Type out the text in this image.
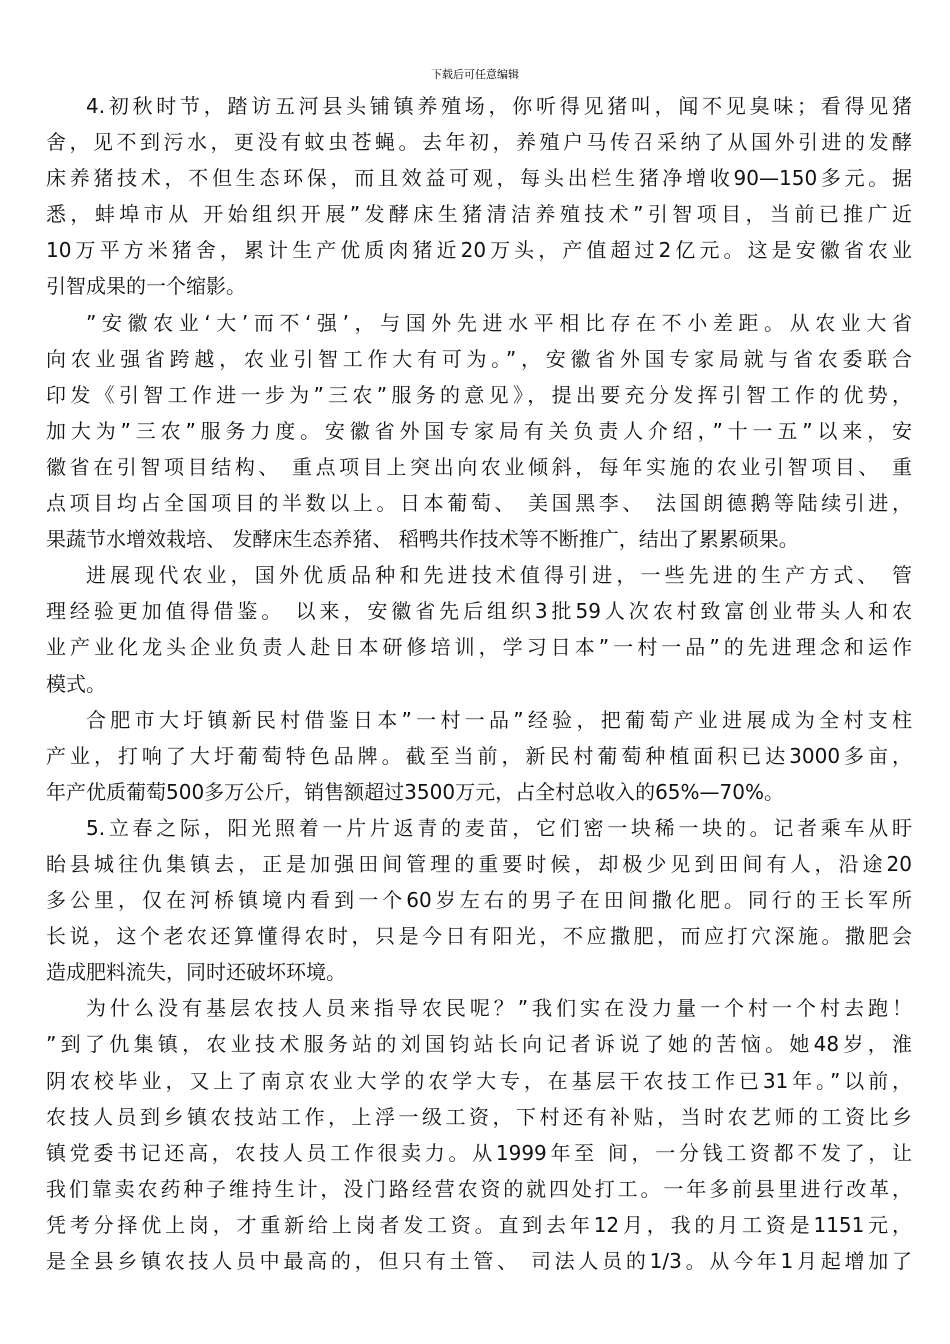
下载后可任意编辑
4.初秋时节，踏访五河县头铺镇养殖场，你听得见猪叫，闻不见臭味；看得见猪
舍，见不到污水，更没有蚊虫苍蝇。去年初，养殖户马传召采纳了从国外引进的发酵
床养猪技术，不但生态环保，而且效益可观，每头出栏生猪净增收90—150多元。据
悉，蚌埠市从 开始组织开展”发酵床生猪清洁养殖技术”引智项目，当前已推广近
10万平方米猪舍，累计生产优质肉猪近20万头，产值超过2亿元。这是安徽省农业
引智成果的一个缩影。
”安徽农业‘大’而不‘强’，与国外先进水平相比存在不小差距。从农业大省
向农业强省跨越，农业引智工作大有可为。”，安徽省外国专家局就与省农委联合
印发《引智工作进一步为”三农”服务的意见》，提出要充分发挥引智工作的优势，
加大为”三农”服务力度。安徽省外国专家局有关负责人介绍，”十一五”以来，安
徽省在引智项目结构、 重点项目上突出向农业倾斜，每年实施的农业引智项目、 重
点项目均占全国项目的半数以上。日本葡萄、 美国黑李、 法国朗德鹅等陆续引进，
果蔬节水增效栽培、 发酵床生态养猪、 稻鸭共作技术等不断推广，结出了累累硕果。
进展现代农业，国外优质品种和先进技术值得引进，一些先进的生产方式、 管
理经验更加值得借鉴。 以来，安徽省先后组织3批59人次农村致富创业带头人和农
业产业化龙头企业负责人赴日本研修培训，学习日本”一村一品”的先进理念和运作
模式。
合肥市大圩镇新民村借鉴日本”一村一品”经验，把葡萄产业进展成为全村支柱
产业，打响了大圩葡萄特色品牌。截至当前，新民村葡萄种植面积已达3000多亩，
年产优质葡萄500多万公斤，销售额超过3500万元，占全村总收入的65%—70%。
5.立春之际，阳光照着一片片返青的麦苗，它们密一块稀一块的。记者乘车从盱
眙县城往仇集镇去，正是加强田间管理的重要时候，却极少见到田间有人，沿途20
多公里，仅在河桥镇境内看到一个60岁左右的男子在田间撒化肥。同行的王长军所
长说，这个老农还算懂得农时，只是今日有阳光，不应撒肥，而应打穴深施。撒肥会
造成肥料流失，同时还破坏环境。
为什么没有基层农技人员来指导农民呢？”我们实在没力量一个村一个村去跑！
”到了仇集镇，农业技术服务站的刘国钧站长向记者诉说了她的苦恼。她48岁，淮
阴农校毕业，又上了南京农业大学的农学大专，在基层干农技工作已31年。”以前，
农技人员到乡镇农技站工作，上浮一级工资，下村还有补贴，当时农艺师的工资比乡
镇党委书记还高，农技人员工作很卖力。从1999年至 间，一分钱工资都不发了，让
我们靠卖农药种子维持生计，没门路经营农资的就四处打工。一年多前县里进行改革，
凭考分择优上岗，才重新给上岗者发工资。直到去年12月，我的月工资是1151元，
是全县乡镇农技人员中最高的，但只有土管、 司法人员的1/3。从今年1月起增加了
